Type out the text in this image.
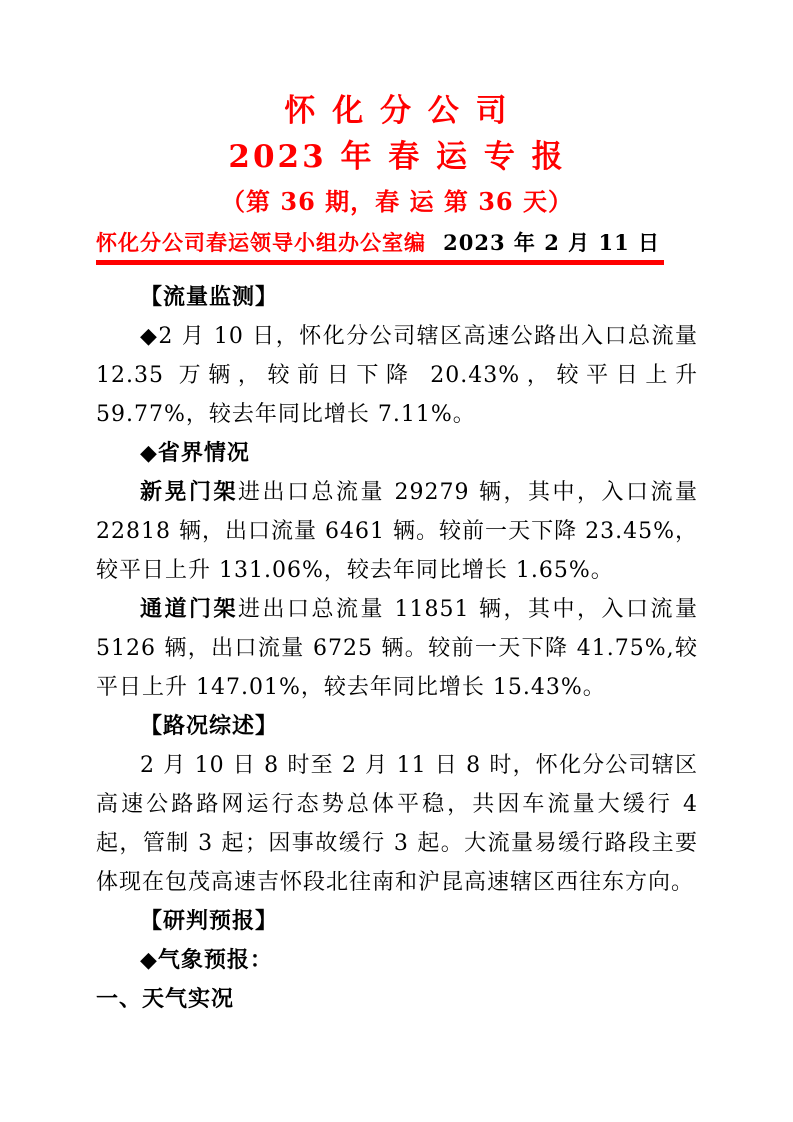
怀 化 分 公 司
2023 年 春 运 专 报
（第 36 期，春 运 第 36 天）
怀化分公司春运领导小组办公室编 2023 年 2 月 11 日

【流量监测】

◆2 月 10 日，怀化分公司辖区高速公路出入口总流量 12.35 万辆，较前日下降 20.43%，较平日上升 59.77%，较去年同比增长 7.11%。

◆省界情况

新晃门架进出口总流量 29279 辆，其中，入口流量 22818 辆，出口流量 6461 辆。较前一天下降 23.45%，较平日上升 131.06%，较去年同比增长 1.65%。

通道门架进出口总流量 11851 辆，其中，入口流量 5126 辆，出口流量 6725 辆。较前一天下降 41.75%,较平日上升 147.01%，较去年同比增长 15.43%。

【路况综述】

2 月 10 日 8 时至 2 月 11 日 8 时，怀化分公司辖区高速公路路网运行态势总体平稳，共因车流量大缓行 4 起，管制 3 起；因事故缓行 3 起。大流量易缓行路段主要体现在包茂高速吉怀段北往南和沪昆高速辖区西往东方向。

【研判预报】

◆气象预报：

一、天气实况
